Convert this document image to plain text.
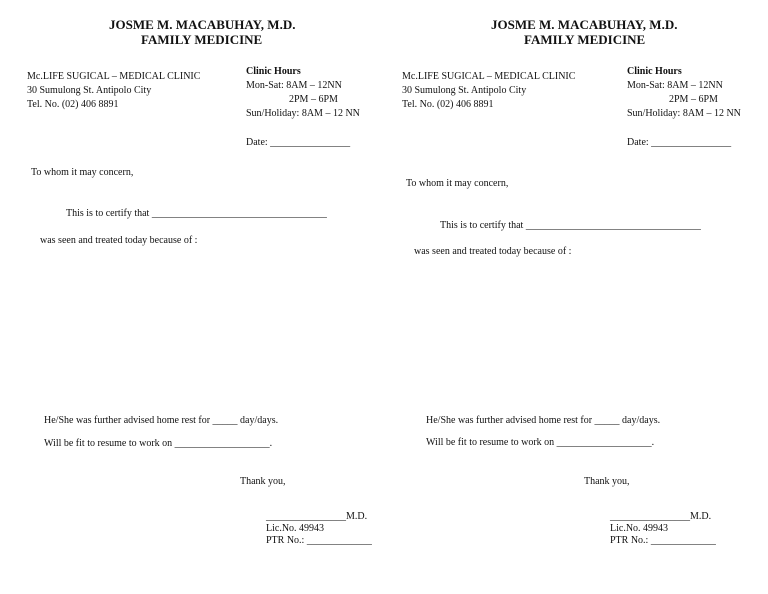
JOSME M. MACABUHAY, M.D.
FAMILY MEDICINE
Mc.LIFE SUGICAL – MEDICAL CLINIC
30 Sumulong St. Antipolo City
Tel. No. (02) 406 8891
Clinic Hours
Mon-Sat: 8AM – 12NN
2PM – 6PM
Sun/Holiday: 8AM – 12 NN
Date: ________________
To whom it may concern,
This is to certify that ___________________________________
was seen and treated today because of :
He/She was further advised home rest for _____ day/days.
Will be fit to resume to work on ___________________.
Thank you,
________________M.D.
Lic.No. 49943
PTR No.: _____________
JOSME M. MACABUHAY, M.D.
FAMILY MEDICINE
Mc.LIFE SUGICAL – MEDICAL CLINIC
30 Sumulong St. Antipolo City
Tel. No. (02) 406 8891
Clinic Hours
Mon-Sat: 8AM – 12NN
2PM – 6PM
Sun/Holiday: 8AM – 12 NN
Date: ________________
To whom it may concern,
This is to certify that ___________________________________
was seen and treated today because of :
He/She was further advised home rest for _____ day/days.
Will be fit to resume to work on ___________________.
Thank you,
________________M.D.
Lic.No. 49943
PTR No.: _____________
